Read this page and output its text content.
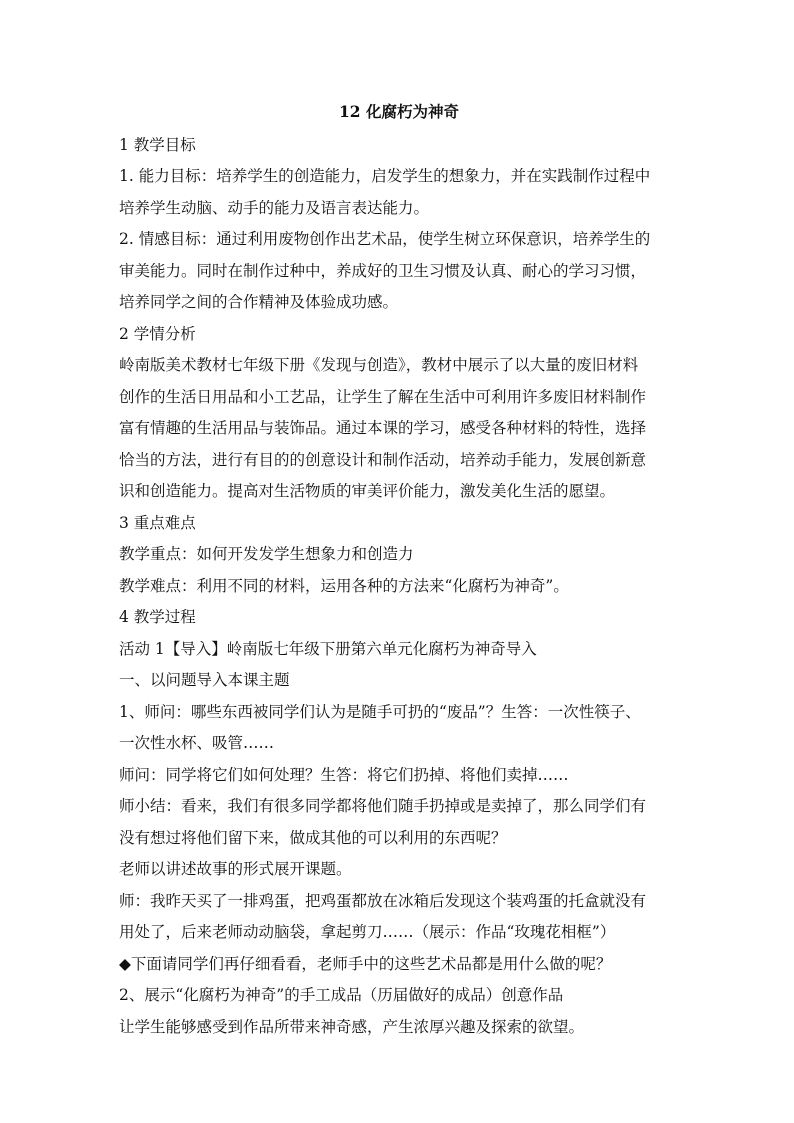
12 化腐朽为神奇
1 教学目标
1. 能力目标：培养学生的创造能力，启发学生的想象力，并在实践制作过程中
培养学生动脑、动手的能力及语言表达能力。
2. 情感目标：通过利用废物创作出艺术品，使学生树立环保意识，培养学生的
审美能力。同时在制作过种中，养成好的卫生习惯及认真、耐心的学习习惯，
培养同学之间的合作精神及体验成功感。
2 学情分析
岭南版美术教材七年级下册《发现与创造》，教材中展示了以大量的废旧材料
创作的生活日用品和小工艺品，让学生了解在生活中可利用许多废旧材料制作
富有情趣的生活用品与装饰品。通过本课的学习，感受各种材料的特性，选择
恰当的方法，进行有目的的创意设计和制作活动，培养动手能力，发展创新意
识和创造能力。提高对生活物质的审美评价能力，激发美化生活的愿望。
3 重点难点
教学重点：如何开发发学生想象力和创造力
教学难点：利用不同的材料，运用各种的方法来“化腐朽为神奇”。
4 教学过程
活动 1【导入】岭南版七年级下册第六单元化腐朽为神奇导入
一、以问题导入本课主题
1、师问：哪些东西被同学们认为是随手可扔的“废品”？生答：一次性筷子、
一次性水杯、吸管……
师问：同学将它们如何处理？生答：将它们扔掉、将他们卖掉……
师小结：看来，我们有很多同学都将他们随手扔掉或是卖掉了，那么同学们有
没有想过将他们留下来，做成其他的可以利用的东西呢？
老师以讲述故事的形式展开课题。
师：我昨天买了一排鸡蛋，把鸡蛋都放在冰箱后发现这个装鸡蛋的托盒就没有
用处了，后来老师动动脑袋，拿起剪刀……（展示：作品“玫瑰花相框”）
◆下面请同学们再仔细看看，老师手中的这些艺术品都是用什么做的呢？
2、展示“化腐朽为神奇”的手工成品（历届做好的成品）创意作品
让学生能够感受到作品所带来神奇感，产生浓厚兴趣及探索的欲望。
